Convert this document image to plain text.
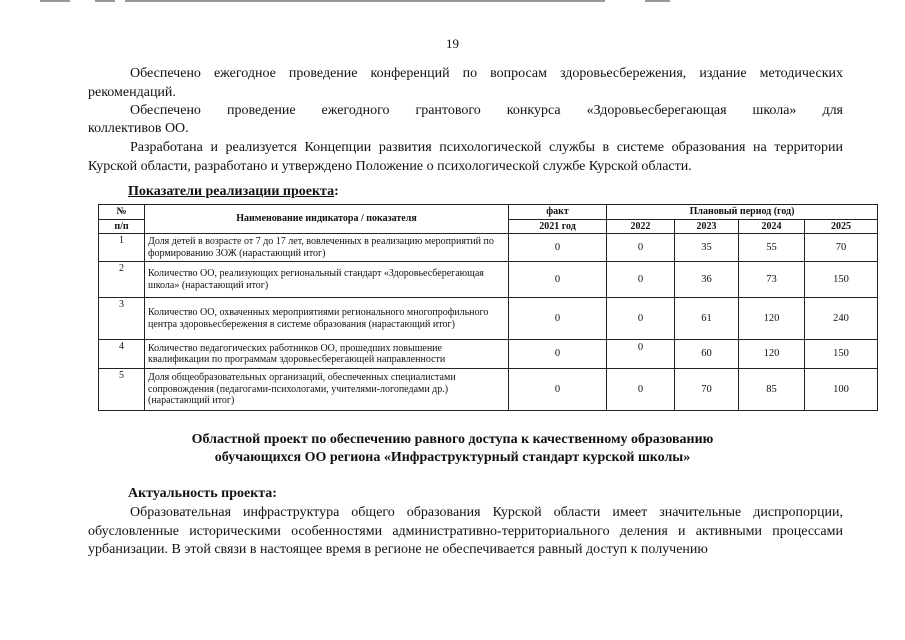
19
Обеспечено ежегодное проведение конференций по вопросам здоровьесбережения, издание методических рекомендаций.
Обеспечено проведение ежегодного грантового конкурса «Здоровьесберегающая школа» для
коллективов ОО.
Разработана и реализуется Концепции развития психологической службы в системе образования на территории Курской области, разработано и утверждено Положение о психологической службе Курской области.
Показатели реализации проекта:
№	Наименование индикатора / показателя	факт	Плановый период (год)			
п/п		2021 год	2022	2023	2024	2025
1	Доля детей в возрасте от 7 до 17 лет, вовлеченных в реализацию мероприятий по формированию ЗОЖ (нарастающий итог)	0	0	35	55	70
2	Количество ОО, реализующих региональный стандарт «Здоровьесберегающая школа» (нарастающий итог)	0	0	36	73	150
3	Количество ОО, охваченных мероприятиями регионального многопрофильного центра здоровьесбережения в системе образования (нарастающий итог)	0	0	61	120	240
4	Количество педагогических работников ОО, прошедших повышение квалификации по программам здоровьесберегающей направленности	0	0	60	120	150
5	Доля общеобразовательных организаций, обеспеченных специалистами сопровождения (педагогами-психологами, учителями-логопедами др.) (нарастающий итог)	0	0	70	85	100
Областной проект по обеспечению равного доступа к качественному образованию
обучающихся ОО региона «Инфраструктурный стандарт курской школы»
Актуальность проекта:
Образовательная инфраструктура общего образования Курской области имеет значительные диспропорции, обусловленные историческими особенностями административно-территориального деления и активными процессами урбанизации. В этой связи в настоящее время в регионе не обеспечивается равный доступ к получению
